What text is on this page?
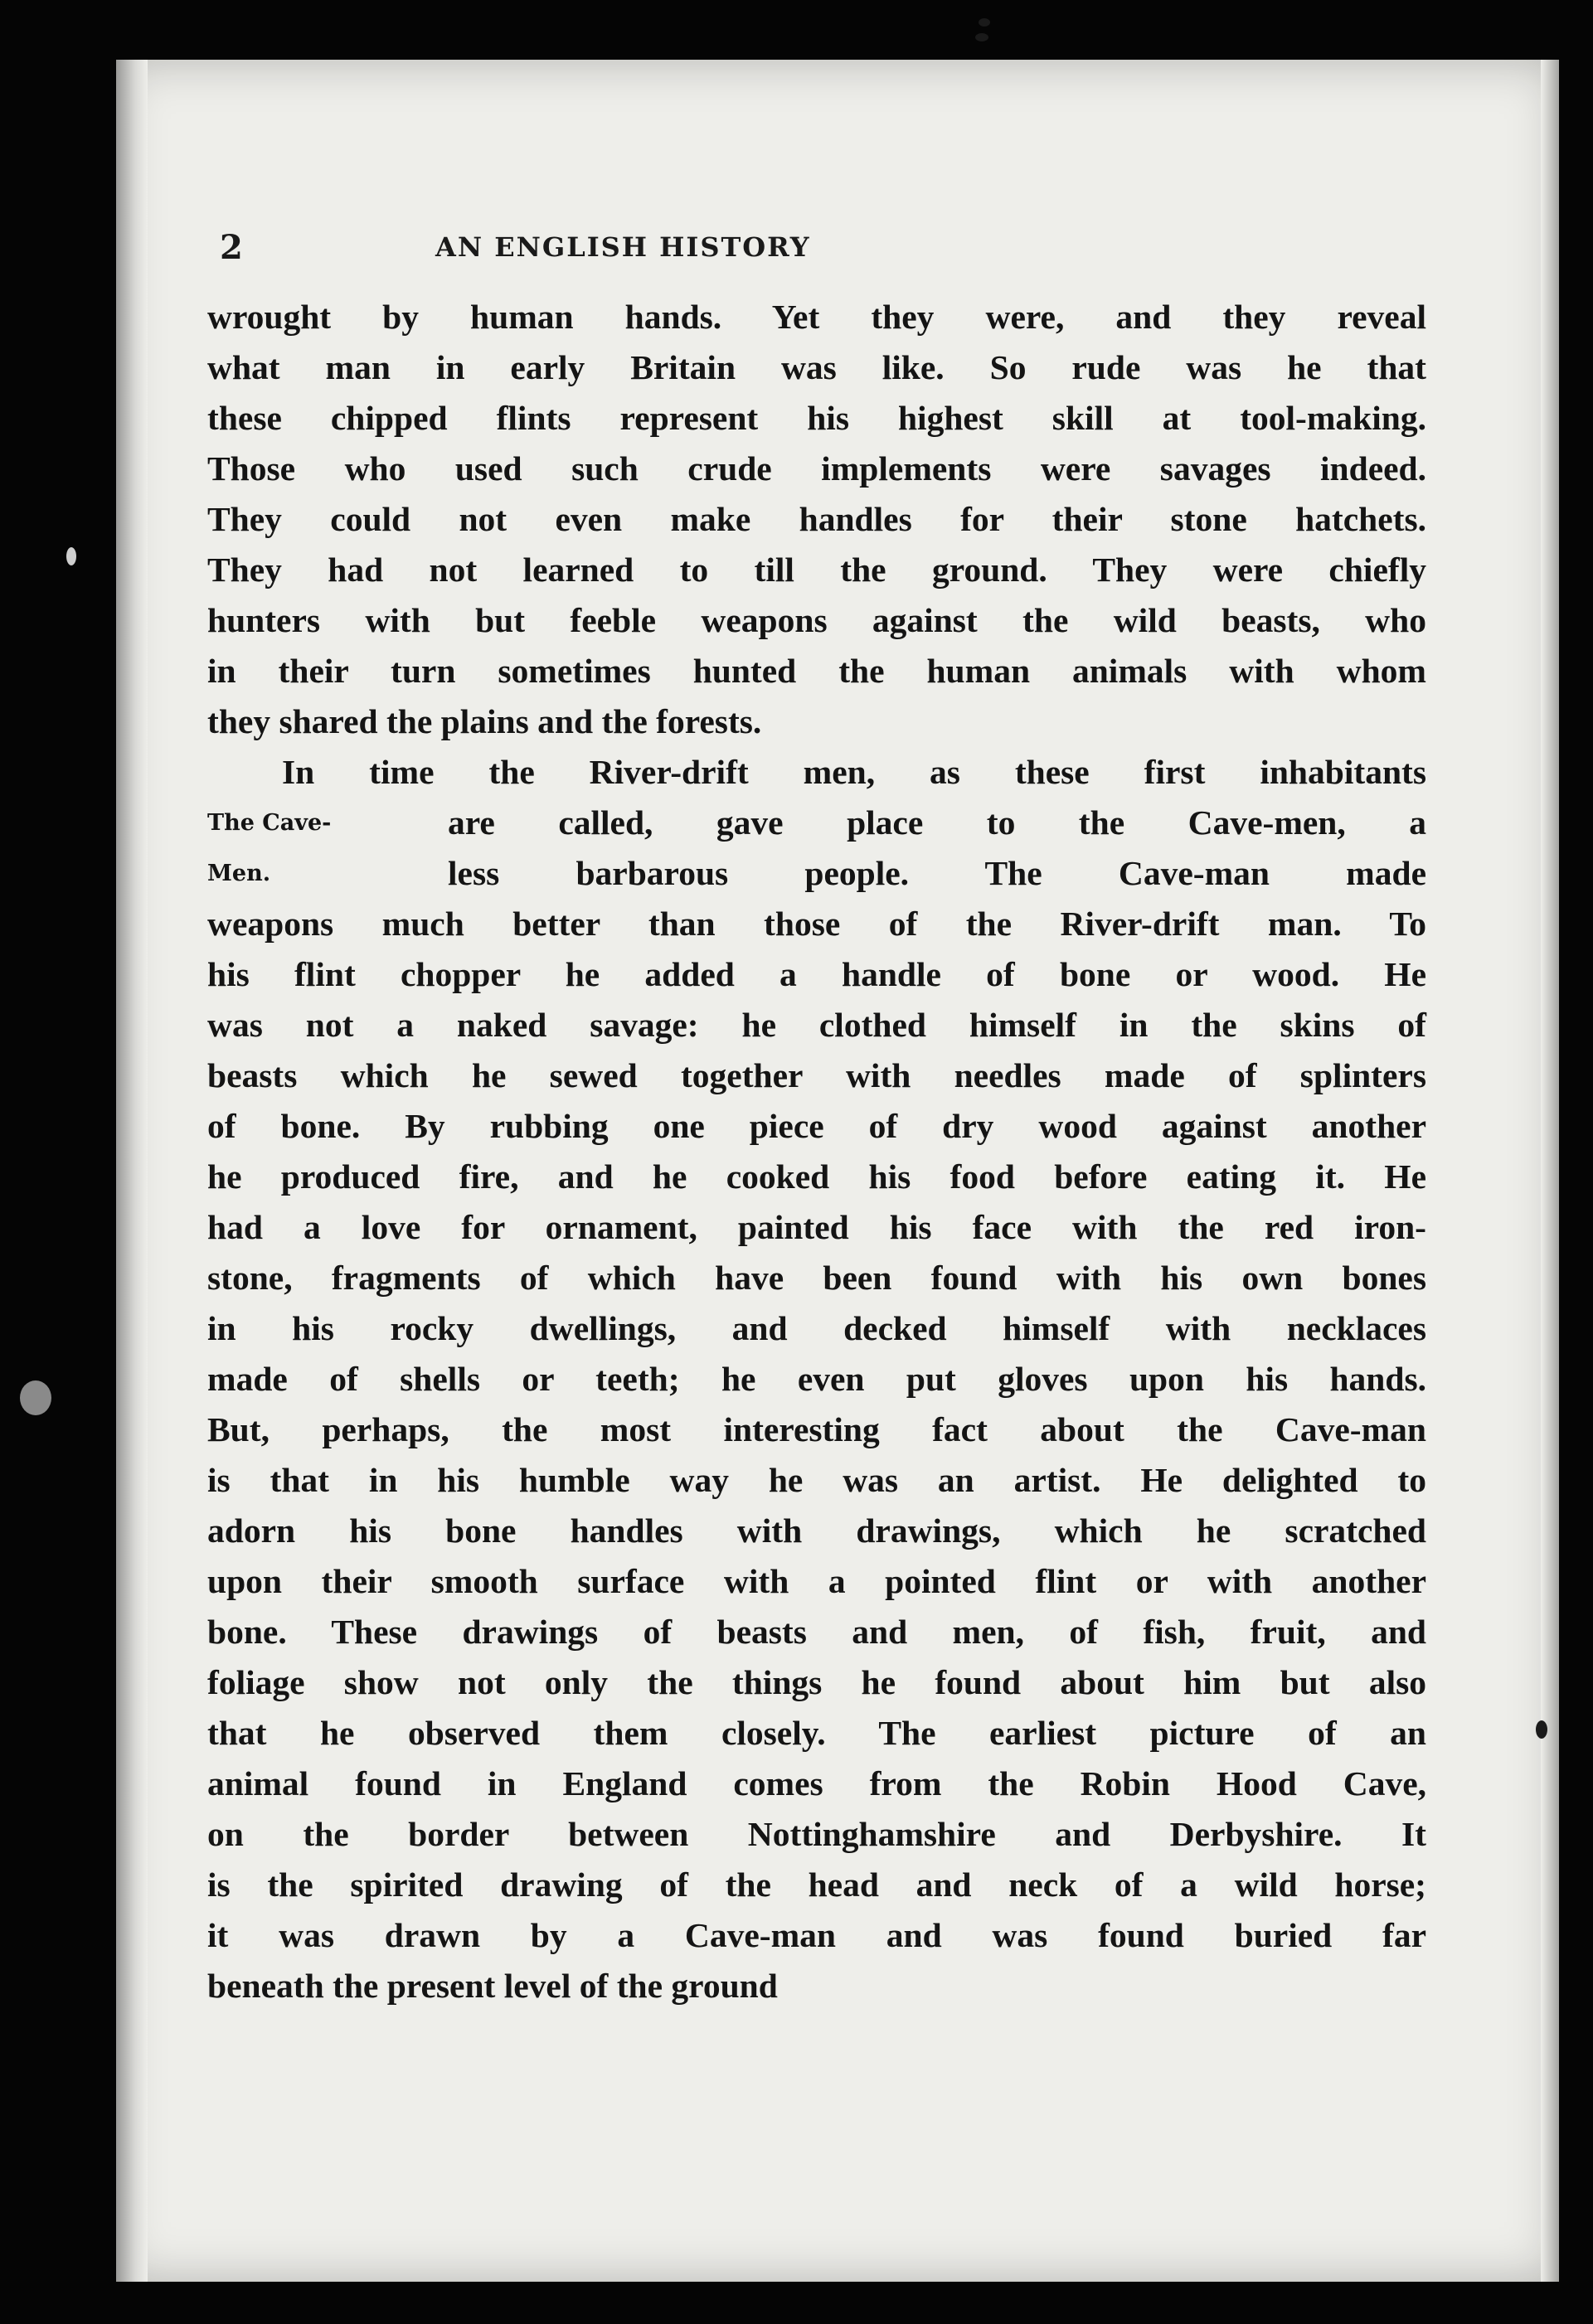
2	AN ENGLISH HISTORY
wrought by human hands. Yet they were, and they reveal
what man in early Britain was like. So rude was he that
these chipped flints represent his highest skill at tool-making.
Those who used such crude implements were savages indeed.
They could not even make handles for their stone hatchets.
They had not learned to till the ground. They were chiefly
hunters with but feeble weapons against the wild beasts, who
in their turn sometimes hunted the human animals with whom
they shared the plains and the forests.
In time the River-drift men, as these first inhabitants
The Cave-	are called, gave place to the Cave-men, a
Men.	less barbarous people. The Cave-man made
weapons much better than those of the River-drift man. To
his flint chopper he added a handle of bone or wood. He
was not a naked savage: he clothed himself in the skins of
beasts which he sewed together with needles made of splinters
of bone. By rubbing one piece of dry wood against another
he produced fire, and he cooked his food before eating it. He
had a love for ornament, painted his face with the red iron-
stone, fragments of which have been found with his own bones
in his rocky dwellings, and decked himself with necklaces
made of shells or teeth; he even put gloves upon his hands.
But, perhaps, the most interesting fact about the Cave-man
is that in his humble way he was an artist. He delighted to
adorn his bone handles with drawings, which he scratched
upon their smooth surface with a pointed flint or with another
bone. These drawings of beasts and men, of fish, fruit, and
foliage show not only the things he found about him but also
that he observed them closely. The earliest picture of an
animal found in England comes from the Robin Hood Cave,
on the border between Nottinghamshire and Derbyshire. It
is the spirited drawing of the head and neck of a wild horse;
it was drawn by a Cave-man and was found buried far
beneath the present level of the ground
